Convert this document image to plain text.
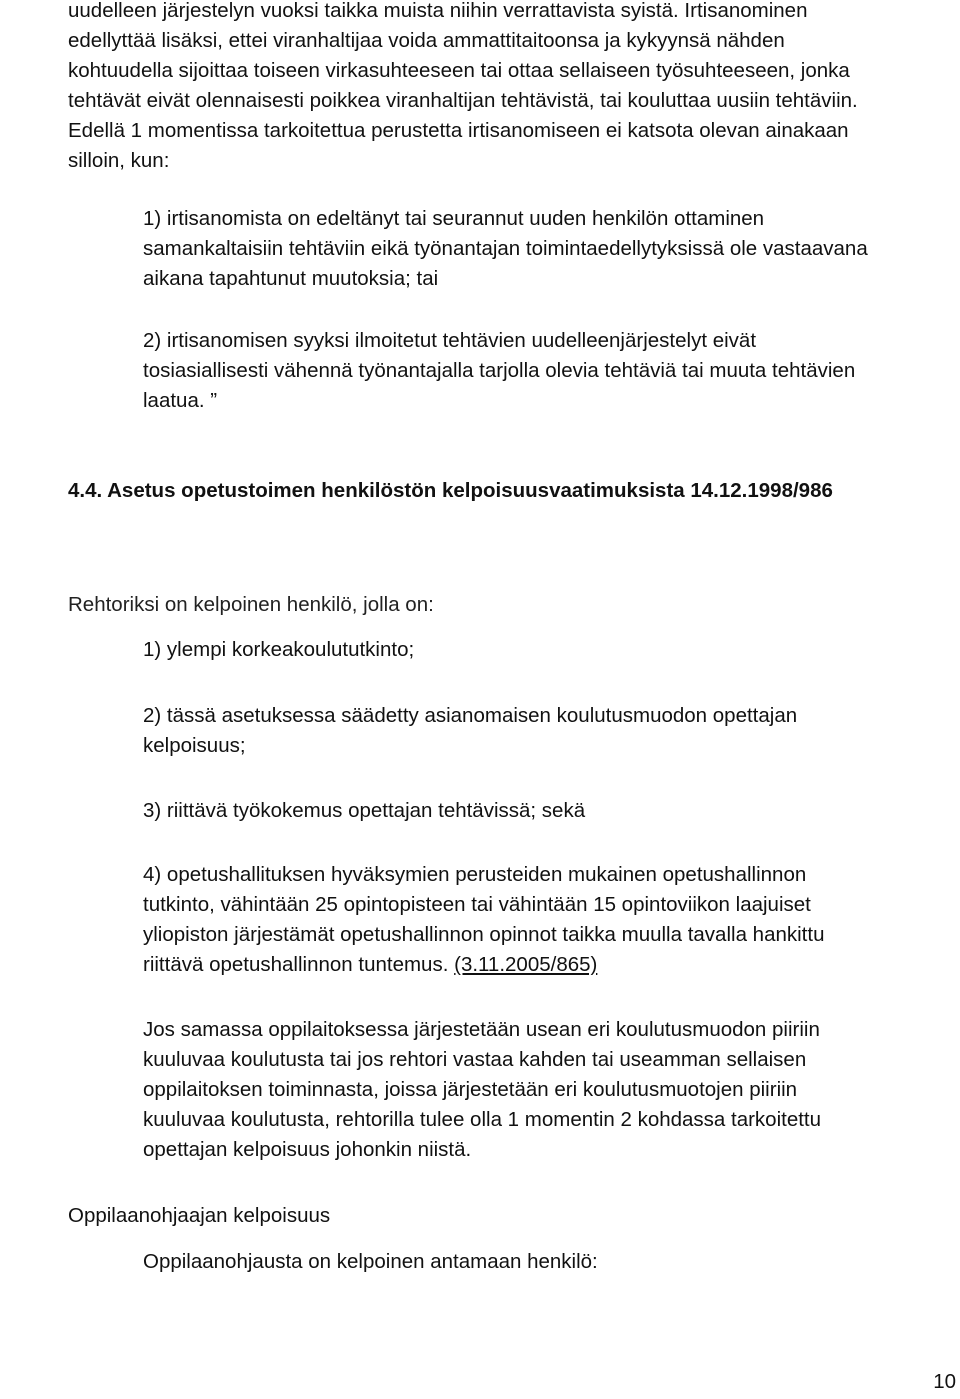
uudelleen järjestelyn vuoksi taikka muista niihin verrattavista syistä. Irtisanominen

edellyttää lisäksi, ettei viranhaltijaa voida ammattitaitoonsa ja kykyynsä nähden

kohtuudella sijoittaa toiseen virkasuhteeseen tai ottaa sellaiseen työsuhteeseen, jonka

tehtävät eivät olennaisesti poikkea viranhaltijan tehtävistä, tai kouluttaa uusiin tehtäviin.

Edellä 1 momentissa tarkoitettua perustetta irtisanomiseen ei katsota olevan ainakaan

silloin, kun:

1) irtisanomista on edeltänyt tai seurannut uuden henkilön ottaminen

samankaltaisiin tehtäviin eikä työnantajan toimintaedellytyksissä ole vastaavana

aikana tapahtunut muutoksia; tai

2) irtisanomisen syyksi ilmoitetut tehtävien uudelleenjärjestelyt eivät

tosiasiallisesti vähennä työnantajalla tarjolla olevia tehtäviä tai muuta tehtävien

laatua. ”

4.4. Asetus opetustoimen henkilöstön kelpoisuusvaatimuksista 14.12.1998/986

Rehtoriksi on kelpoinen henkilö, jolla on:

1) ylempi korkeakoulututkinto;

2) tässä asetuksessa säädetty asianomaisen koulutusmuodon opettajan

kelpoisuus;

3) riittävä työkokemus opettajan tehtävissä; sekä

4) opetushallituksen hyväksymien perusteiden mukainen opetushallinnon

tutkinto, vähintään 25 opintopisteen tai vähintään 15 opintoviikon laajuiset

yliopiston järjestämät opetushallinnon opinnot taikka muulla tavalla hankittu

riittävä opetushallinnon tuntemus. (3.11.2005/865)

Jos samassa oppilaitoksessa järjestetään usean eri koulutusmuodon piiriin

kuuluvaa koulutusta tai jos rehtori vastaa kahden tai useamman sellaisen

oppilaitoksen toiminnasta, joissa järjestetään eri koulutusmuotojen piiriin

kuuluvaa koulutusta, rehtorilla tulee olla 1 momentin 2 kohdassa tarkoitettu

opettajan kelpoisuus johonkin niistä.

Oppilaanohjaajan kelpoisuus

Oppilaanohjausta on kelpoinen antamaan henkilö:

10
